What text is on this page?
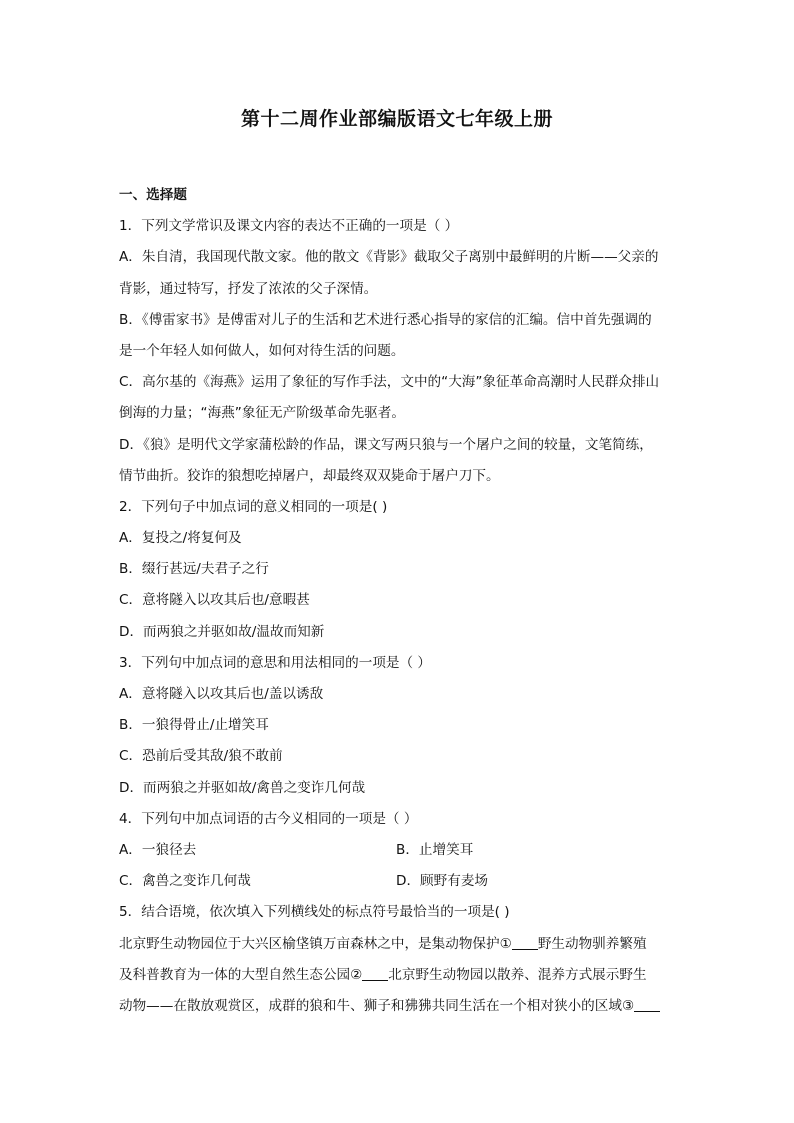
第十二周作业部编版语文七年级上册
一、选择题
1．下列文学常识及课文内容的表达不正确的一项是（ ）
A．朱自清，我国现代散文家。他的散文《背影》截取父子离别中最鲜明的片断——父亲的
背影，通过特写，抒发了浓浓的父子深情。
B．《傅雷家书》是傅雷对儿子的生活和艺术进行悉心指导的家信的汇编。信中首先强调的
是一个年轻人如何做人，如何对待生活的问题。
C．高尔基的《海燕》运用了象征的写作手法，文中的“大海”象征革命高潮时人民群众排山
倒海的力量；“海燕”象征无产阶级革命先驱者。
D．《狼》是明代文学家蒲松龄的作品，课文写两只狼与一个屠户之间的较量，文笔简练，
情节曲折。狡诈的狼想吃掉屠户，却最终双双毙命于屠户刀下。
2．下列句子中加点词的意义相同的一项是( )
A．复投之/将复何及
B．缀行甚远/夫君子之行
C．意将隧入以攻其后也/意暇甚
D．而两狼之并驱如故/温故而知新
3．下列句中加点词的意思和用法相同的一项是（ ）
A．意将隧入以攻其后也/盖以诱敌
B．一狼得骨止/止增笑耳
C．恐前后受其敌/狼不敢前
D．而两狼之并驱如故/禽兽之变诈几何哉
4．下列句中加点词语的古今义相同的一项是（ ）
A．一狼径去	B．止增笑耳
C．禽兽之变诈几何哉	D．顾野有麦场
5．结合语境，依次填入下列横线处的标点符号最恰当的一项是( )
北京野生动物园位于大兴区榆垡镇万亩森林之中，是集动物保护① 野生动物驯养繁殖
及科普教育为一体的大型自然生态公园② 北京野生动物园以散养、混养方式展示野生
动物——在散放观赏区，成群的狼和牛、狮子和狒狒共同生活在一个相对狭小的区域③
